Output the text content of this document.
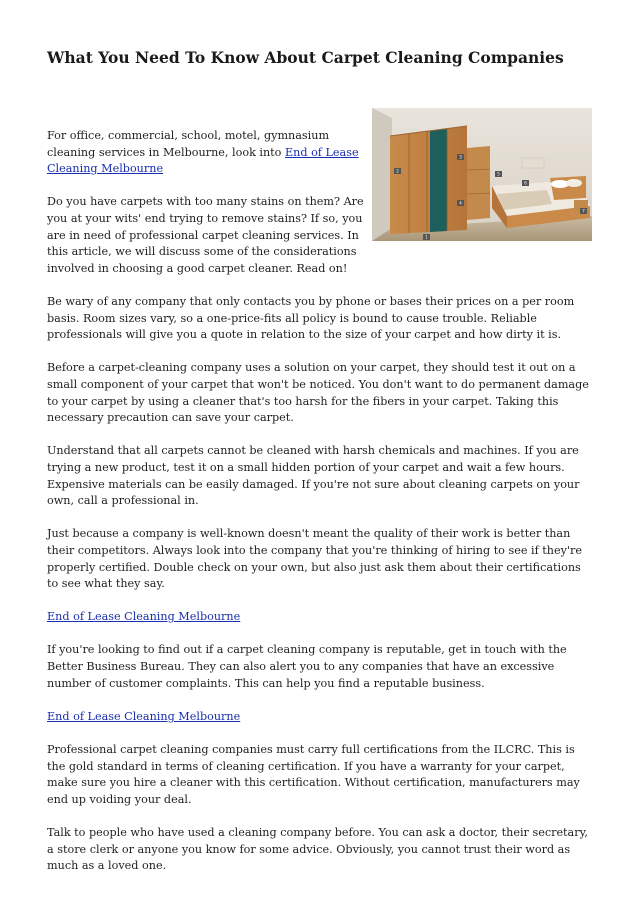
What You Need To Know About Carpet Cleaning Companies

For office, commercial, school, motel, gymnasium cleaning services in Melbourne, look into End of Lease Cleaning Melbourne

Do you have carpets with too many stains on them? Are you at your wits' end trying to remove stains? If so, you are in need of professional carpet cleaning services. In this article, we will discuss some of the considerations involved in choosing a good carpet cleaner. Read on!

Be wary of any company that only contacts you by phone or bases their prices on a per room basis. Room sizes vary, so a one-price-fits all policy is bound to cause trouble. Reliable professionals will give you a quote in relation to the size of your carpet and how dirty it is.

Before a carpet-cleaning company uses a solution on your carpet, they should test it out on a small component of your carpet that won't be noticed. You don't want to do permanent damage to your carpet by using a cleaner that's too harsh for the fibers in your carpet. Taking this necessary precaution can save your carpet.

Understand that all carpets cannot be cleaned with harsh chemicals and machines. If you are trying a new product, test it on a small hidden portion of your carpet and wait a few hours. Expensive materials can be easily damaged. If you're not sure about cleaning carpets on your own, call a professional in.

Just because a company is well-known doesn't meant the quality of their work is better than their competitors. Always look into the company that you're thinking of hiring to see if they're properly certified. Double check on your own, but also just ask them about their certifications to see what they say.

End of Lease Cleaning Melbourne

If you're looking to find out if a carpet cleaning company is reputable, get in touch with the Better Business Bureau. They can also alert you to any companies that have an excessive number of customer complaints. This can help you find a reputable business.

End of Lease Cleaning Melbourne

Professional carpet cleaning companies must carry full certifications from the ILCRC. This is the gold standard in terms of cleaning certification. If you have a warranty for your carpet, make sure you hire a cleaner with this certification. Without certification, manufacturers may end up voiding your deal.

Talk to people who have used a cleaning company before. You can ask a doctor, their secretary, a store clerk or anyone you know for some advice. Obviously, you cannot trust their word as much as a loved one.

1
2
3
4
5
6
7
